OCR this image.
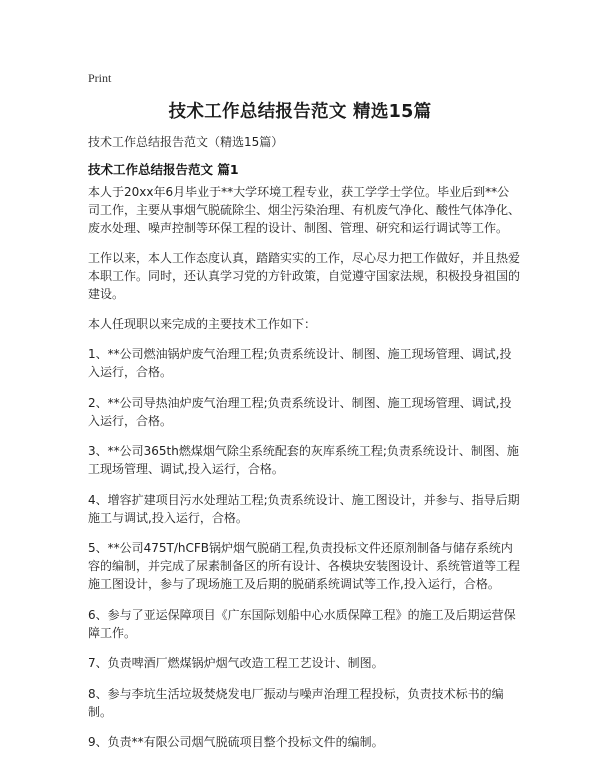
Print
技术工作总结报告范文 精选15篇
技术工作总结报告范文（精选15篇）
技术工作总结报告范文 篇1

本人于20xx年6月毕业于**大学环境工程专业，获工学学士学位。毕业后到**公司工作，主要从事烟气脱硫除尘、烟尘污染治理、有机废气净化、酸性气体净化、废水处理、噪声控制等环保工程的设计、制图、管理、研究和运行调试等工作。

工作以来，本人工作态度认真，踏踏实实的工作，尽心尽力把工作做好，并且热爱本职工作。同时，还认真学习党的方针政策，自觉遵守国家法规，积极投身祖国的建设。

本人任现职以来完成的主要技术工作如下：

1、**公司燃油锅炉废气治理工程;负责系统设计、制图、施工现场管理、调试,投入运行，合格。

2、**公司导热油炉废气治理工程;负责系统设计、制图、施工现场管理、调试,投入运行，合格。

3、**公司365th燃煤烟气除尘系统配套的灰库系统工程;负责系统设计、制图、施工现场管理、调试,投入运行，合格。

4、增容扩建项目污水处理站工程;负责系统设计、施工图设计，并参与、指导后期施工与调试,投入运行，合格。

5、**公司475T/hCFB锅炉烟气脱硝工程,负责投标文件还原剂制备与储存系统内容的编制，并完成了尿素制备区的所有设计、各模块安装图设计、系统管道等工程施工图设计，参与了现场施工及后期的脱硝系统调试等工作,投入运行，合格。

6、参与了亚运保障项目《广东国际划船中心水质保障工程》的施工及后期运营保障工作。

7、负责啤酒厂燃煤锅炉烟气改造工程工艺设计、制图。

8、参与李坑生活垃圾焚烧发电厂振动与噪声治理工程投标，负责技术标书的编制。

9、负责**有限公司烟气脱硫项目整个投标文件的编制。
